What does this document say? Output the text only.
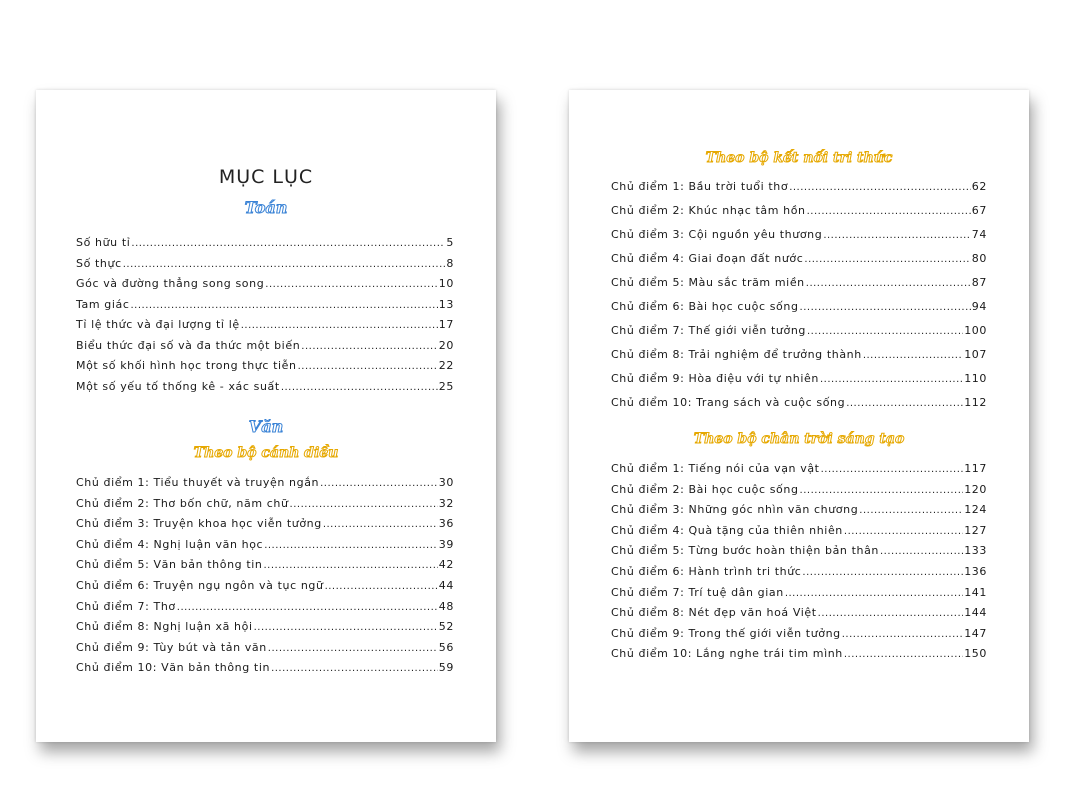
MỤC LỤC
Toán
Số hữu tỉ .....	5
Số thực .....	8
Góc và đường thẳng song song .....	10
Tam giác .....	13
Tỉ lệ thức và đại lượng tỉ lệ .....	17
Biểu thức đại số và đa thức một biến .....	20
Một số khối hình học trong thực tiễn .....	22
Một số yếu tố thống kê - xác suất .....	25
Văn
Theo bộ cánh diều
Chủ điểm 1: Tiểu thuyết và truyện ngắn .....	30
Chủ điểm 2: Thơ bốn chữ, năm chữ .....	32
Chủ điểm 3: Truyện khoa học viễn tưởng .....	36
Chủ điểm 4: Nghị luận văn học .....	39
Chủ điểm 5: Văn bản thông tin .....	42
Chủ điểm 6: Truyện ngụ ngôn và tục ngữ .....	44
Chủ điểm 7: Thơ .....	48
Chủ điểm 8: Nghị luận xã hội .....	52
Chủ điểm 9: Tùy bút và tản văn .....	56
Chủ điểm 10: Văn bản thông tin .....	59
Theo bộ kết nối tri thức
Chủ điểm 1: Bầu trời tuổi thơ .....	62
Chủ điểm 2: Khúc nhạc tâm hồn .....	67
Chủ điểm 3: Cội nguồn yêu thương .....	74
Chủ điểm 4: Giai đoạn đất nước .....	80
Chủ điểm 5: Màu sắc trăm miền .....	87
Chủ điểm 6: Bài học cuộc sống .....	94
Chủ điểm 7: Thế giới viễn tưởng .....	100
Chủ điểm 8: Trải nghiệm để trưởng thành .....	107
Chủ điểm 9: Hòa điệu với tự nhiên .....	110
Chủ điểm 10: Trang sách và cuộc sống .....	112
Theo bộ chân trời sáng tạo
Chủ điểm 1: Tiếng nói của vạn vật .....	117
Chủ điểm 2: Bài học cuộc sống .....	120
Chủ điểm 3: Những góc nhìn văn chương .....	124
Chủ điểm 4: Quà tặng của thiên nhiên .....	127
Chủ điểm 5: Từng bước hoàn thiện bản thân .....	133
Chủ điểm 6: Hành trình tri thức .....	136
Chủ điểm 7: Trí tuệ dân gian .....	141
Chủ điểm 8: Nét đẹp văn hoá Việt .....	144
Chủ điểm 9: Trong thế giới viễn tưởng .....	147
Chủ điểm 10: Lắng nghe trái tim mình .....	150
